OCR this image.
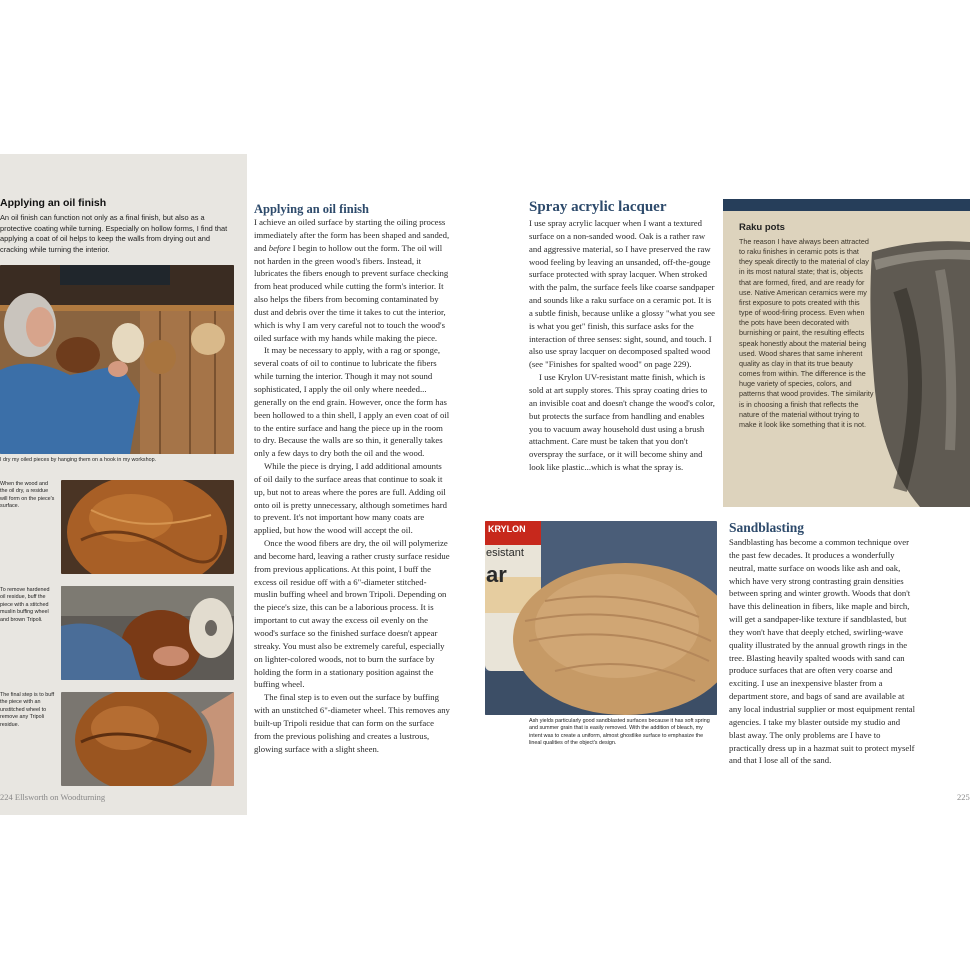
Applying an oil finish
An oil finish can function not only as a final finish, but also as a protective coating while turning. Especially on hollow forms, I find that applying a coat of oil helps to keep the walls from drying out and cracking while turning the interior.
I dry my oiled pieces by hanging them on a hook in my workshop.
When the wood and the oil dry, a residue will form on the piece's surface.
To remove hardened oil residue, buff the piece with a stitched muslin buffing wheel and brown Tripoli.
The final step is to buff the piece with an unstitched wheel to remove any Tripoli residue.
224 Ellsworth on Woodturning
Applying an oil finish

I achieve an oiled surface by starting the oiling process immediately after the form has been shaped and sanded, and before I begin to hollow out the form. The oil will not harden in the green wood's fibers. Instead, it lubricates the fibers enough to prevent surface checking from heat produced while cutting the form's interior. It also helps the fibers from becoming contaminated by dust and debris over the time it takes to cut the interior, which is why I am very careful not to touch the wood's oiled surface with my hands while making the piece.

It may be necessary to apply, with a rag or sponge, several coats of oil to continue to lubricate the fibers while turning the interior. Though it may not sound sophisticated, I apply the oil only where needed... generally on the end grain. However, once the form has been hollowed to a thin shell, I apply an even coat of oil to the entire surface and hang the piece up in the room to dry. Because the walls are so thin, it generally takes only a few days to dry both the oil and the wood.

While the piece is drying, I add additional amounts of oil daily to the surface areas that continue to soak it up, but not to areas where the pores are full. Adding oil onto oil is pretty unnecessary, although sometimes hard to prevent. It's not important how many coats are applied, but how the wood will accept the oil.

Once the wood fibers are dry, the oil will polymerize and become hard, leaving a rather crusty surface residue from previous applications. At this point, I buff the excess oil residue off with a 6"-diameter stitched-muslin buffing wheel and brown Tripoli. Depending on the piece's size, this can be a laborious process. It is important to cut away the excess oil evenly on the wood's surface so the finished surface doesn't appear streaky. You must also be extremely careful, especially on lighter-colored woods, not to burn the surface by holding the form in a stationary position against the buffing wheel.

The final step is to even out the surface by buffing with an unstitched 6"-diameter wheel. This removes any built-up Tripoli residue that can form on the surface from the previous polishing and creates a lustrous, glowing surface with a slight sheen.

Spray acrylic lacquer

I use spray acrylic lacquer when I want a textured surface on a non-sanded wood. Oak is a rather raw and aggressive material, so I have preserved the raw wood feeling by leaving an unsanded, off-the-gouge surface protected with spray lacquer. When stroked with the palm, the surface feels like coarse sandpaper and sounds like a raku surface on a ceramic pot. It is a subtle finish, because unlike a glossy "what you see is what you get" finish, this surface asks for the interaction of three senses: sight, sound, and touch. I also use spray lacquer on decomposed spalted wood (see "Finishes for spalted wood" on page 229).

I use Krylon UV-resistant matte finish, which is sold at art supply stores. This spray coating dries to an invisible coat and doesn't change the wood's color, but protects the surface from handling and enables you to vacuum away household dust using a brush attachment. Care must be taken that you don't overspray the surface, or it will become shiny and look like plastic...which is what the spray is.

Raku pots
The reason I have always been attracted to raku finishes in ceramic pots is that they speak directly to the material of clay in its most natural state; that is, objects that are formed, fired, and are ready for use. Native American ceramics were my first exposure to pots created with this type of wood-firing process. Even when the pots have been decorated with burnishing or paint, the resulting effects speak honestly about the material being used. Wood shares that same inherent quality as clay in that its true beauty comes from within. The difference is the huge variety of species, colors, and patterns that wood provides. The similarity is in choosing a finish that reflects the nature of the material without trying to make it look like something that it is not.
KRYLON
esistant
ar
Ash yields particularly good sandblasted surfaces because it has soft spring and summer grain that is easily removed. With the addition of bleach, my intent was to create a uniform, almost ghostlike surface to emphasize the lineal qualities of the object's design.
Sandblasting

Sandblasting has become a common technique over the past few decades. It produces a wonderfully neutral, matte surface on woods like ash and oak, which have very strong contrasting grain densities between spring and winter growth. Woods that don't have this delineation in fibers, like maple and birch, will get a sandpaper-like texture if sandblasted, but they won't have that deeply etched, swirling-wave quality illustrated by the annual growth rings in the tree. Blasting heavily spalted woods with sand can produce surfaces that are often very coarse and exciting. I use an inexpensive blaster from a department store, and bags of sand are available at any local industrial supplier or most equipment rental agencies. I take my blaster outside my studio and blast away. The only problems are I have to practically dress up in a hazmat suit to protect myself and that I lose all of the sand.

225
